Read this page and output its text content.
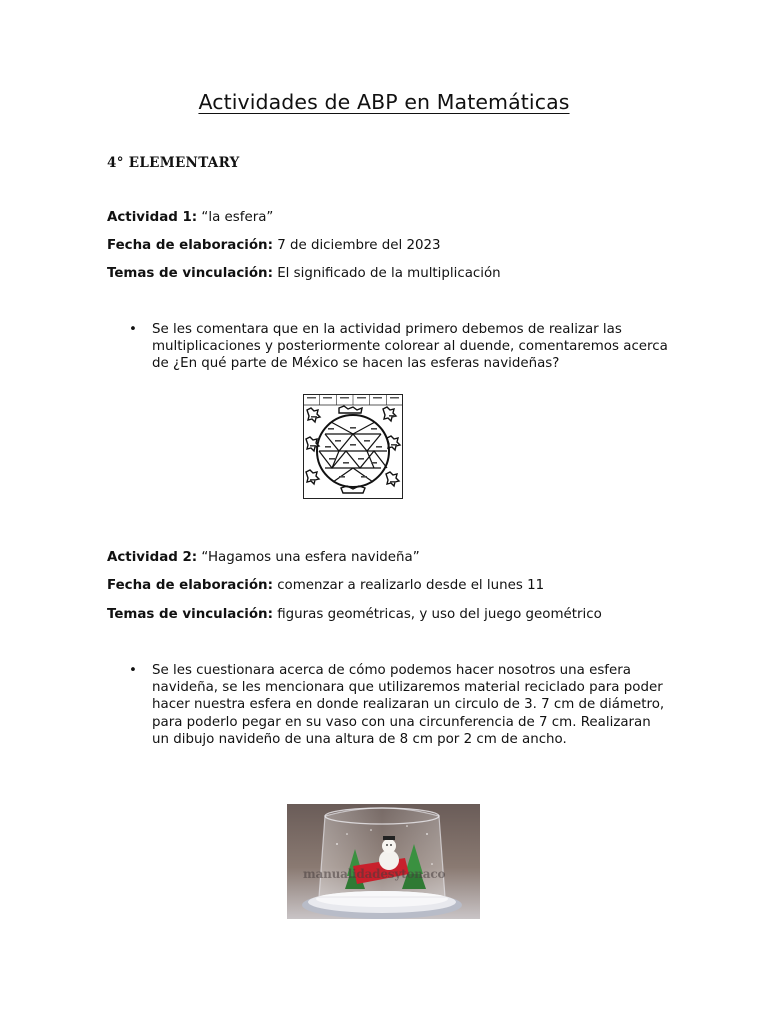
Actividades de ABP en Matemáticas
4° ELEMENTARY
Actividad 1: “la esfera”
Fecha de elaboración: 7 de diciembre del 2023
Temas de vinculación: El significado de la multiplicación
• Se les comentara que en la actividad primero debemos de realizar las multiplicaciones y posteriormente colorear al duende, comentaremos acerca de ¿En qué parte de México se hacen las esferas navideñas?
Actividad 2: “Hagamos una esfera navideña”
Fecha de elaboración: comenzar a realizarlo desde el lunes 11
Temas de vinculación: figuras geométricas, y uso del juego geométrico
• Se les cuestionara acerca de cómo podemos hacer nosotros una esfera navideña, se les mencionara que utilizaremos material reciclado para poder hacer nuestra esfera en donde realizaran un circulo de 3. 7 cm de diámetro, para poderlo pegar en su vaso con una circunferencia de 7 cm. Realizaran un dibujo navideño de una altura de 8 cm por 2 cm de ancho.
manualidadesytonaco
